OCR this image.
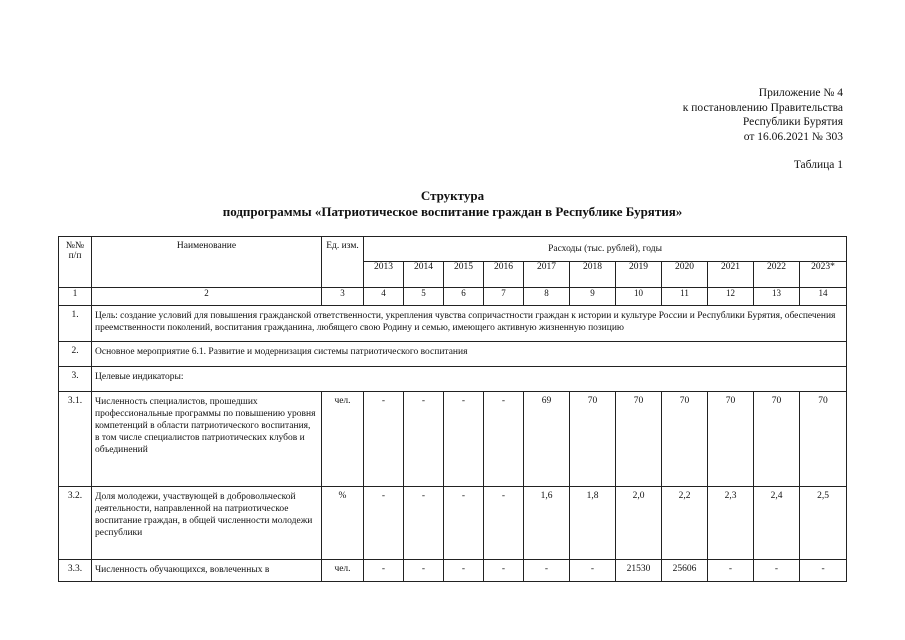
Приложение № 4
к постановлению Правительства
Республики Бурятия
от 16.06.2021 № 303
Таблица 1
Структура
подпрограммы «Патриотическое воспитание граждан в Республике Бурятия»
№№ п/п	Наименование	Ед. изм.	Расходы (тыс. рублей), годы										
			2013	2014	2015	2016	2017	2018	2019	2020	2021	2022	2023*
1	2	3	4	5	6	7	8	9	10	11	12	13	14
1.	Цель: создание условий для повышения гражданской ответственности, укрепления чувства сопричастности граждан к истории и культуре России и Республики Бурятия, обеспечения преемственности поколений, воспитания гражданина, любящего свою Родину и семью, имеющего активную жизненную позицию												
2.	Основное мероприятие 6.1. Развитие и модернизация системы патриотического воспитания												
3.	Целевые индикаторы:												
3.1.	Численность специалистов, прошедших профессиональные программы по повышению уровня компетенций в области патриотического воспитания, в том числе специалистов патриотических клубов и объединений	чел.	-	-	-	-	69	70	70	70	70	70	70
3.2.	Доля молодежи, участвующей в добровольческой деятельности, направленной на патриотическое воспитание граждан, в общей численности молодежи республики	%	-	-	-	-	1,6	1,8	2,0	2,2	2,3	2,4	2,5
3.3.	Численность обучающихся, вовлеченных в	чел.	-	-	-	-	-	-	21530	25606	-	-	-
